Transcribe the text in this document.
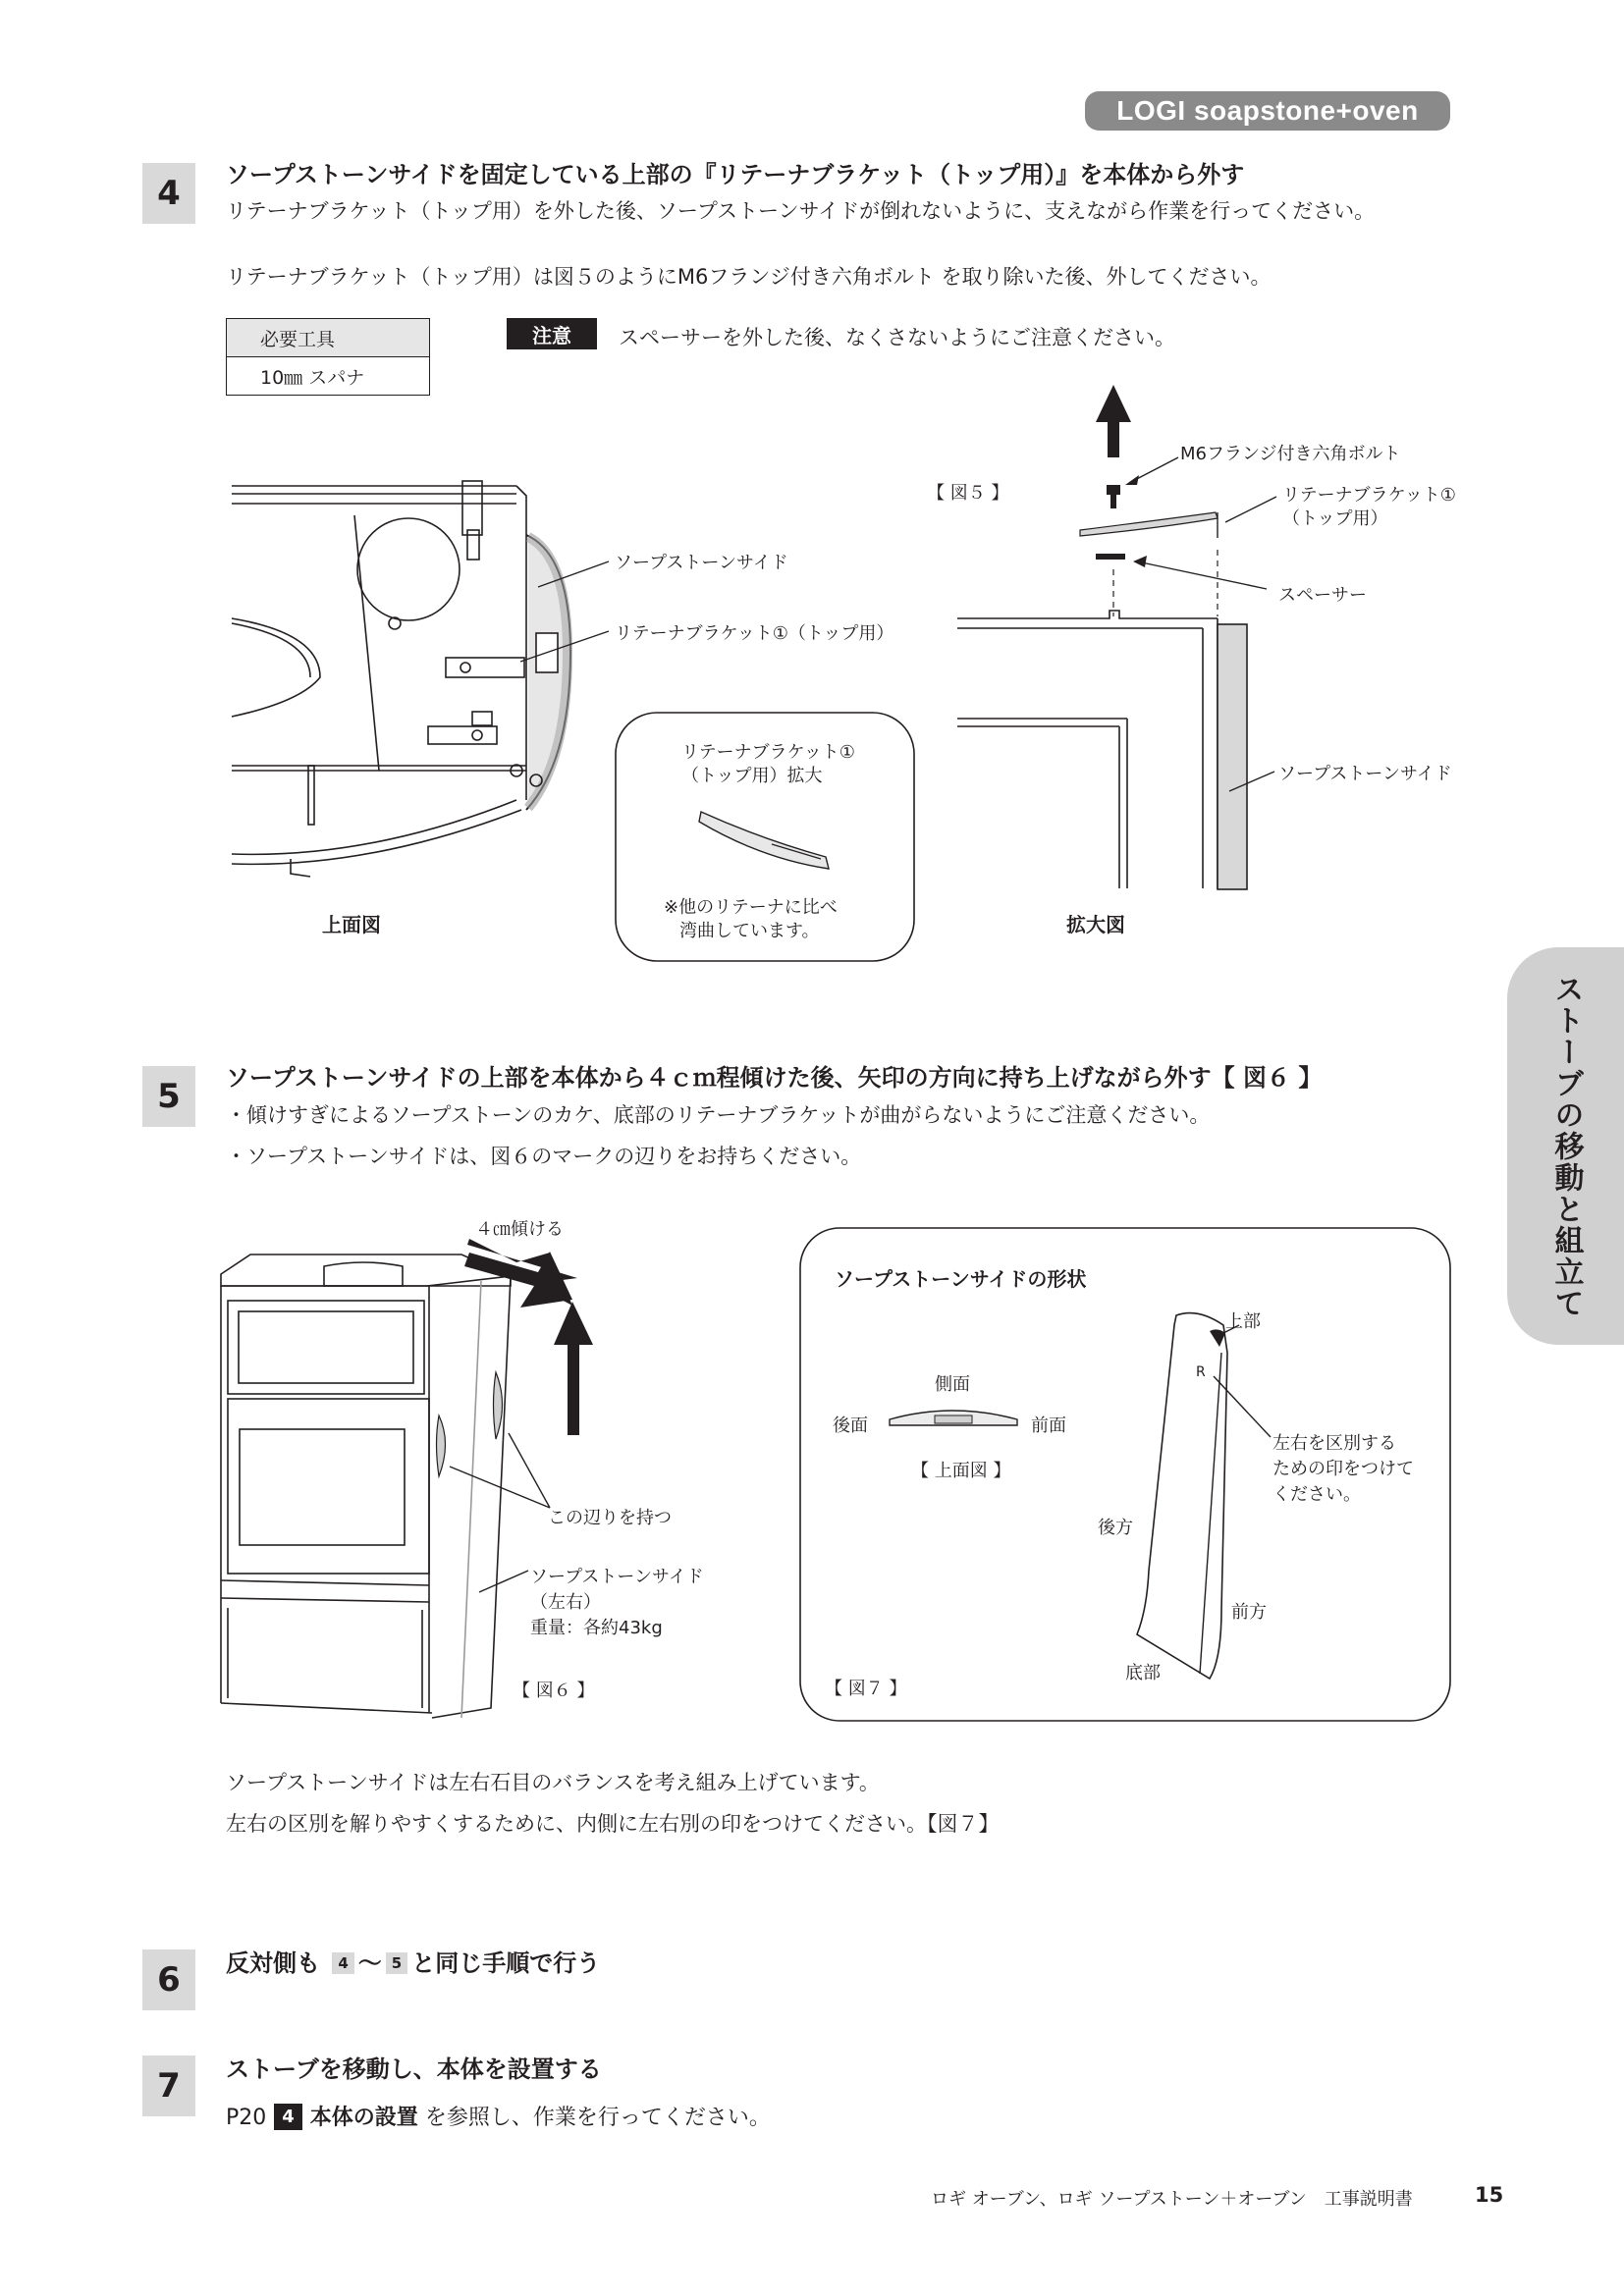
LOGI soapstone+oven
ストーブの移動と組立て
4	ソープストーンサイドを固定している上部の『リテーナブラケット（トップ用）』を本体から外す
リテーナブラケット（トップ用）を外した後、ソープストーンサイドが倒れないように、支えながら作業を行ってください。
リテーナブラケット（トップ用）は図５のようにM6フランジ付き六角ボルト を取り除いた後、外してください。
必要工具
10㎜ スパナ
注意	スペーサーを外した後、なくさないようにご注意ください。
ソープストーンサイド
リテーナブラケット①（トップ用）
上面図
リテーナブラケット①
（トップ用）拡大
※他のリテーナに比べ
湾曲しています。
【 図５ 】
M6フランジ付き六角ボルト
リテーナブラケット①
（トップ用）
スペーサー
ソープストーンサイド
拡大図
5	ソープストーンサイドの上部を本体から４ｃｍ程傾けた後、矢印の方向に持ち上げながら外す【 図６ 】
・傾けすぎによるソープストーンのカケ、底部のリテーナブラケットが曲がらないようにご注意ください。
・ソープストーンサイドは、図６のマークの辺りをお持ちください。
４㎝傾ける
この辺りを持つ
ソープストーンサイド
（左右）
重量：各約43kg
【 図６ 】
ソープストーンサイドの形状
側面
後面	前面
【 上面図 】
上部
R
左右を区別する
ための印をつけて
ください。
後方
前方
底部
【 図７ 】
ソープストーンサイドは左右石目のバランスを考え組み上げています。
左右の区別を解りやすくするために、内側に左右別の印をつけてください。【図７】
6	反対側も 4 ～ 5 と同じ手順で行う
7	ストーブを移動し、本体を設置する
P20 4 本体の設置 を参照し、作業を行ってください。
ロギ オーブン、ロギ ソープストーン＋オーブン　工事説明書	15
